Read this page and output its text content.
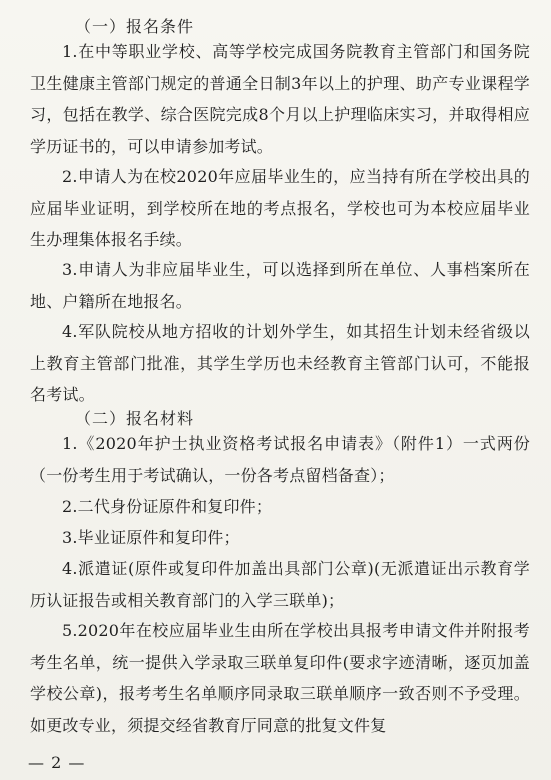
（一）报名条件
1.在中等职业学校、高等学校完成国务院教育主管部门和国务院卫生健康主管部门规定的普通全日制3年以上的护理、助产专业课程学习，包括在教学、综合医院完成8个月以上护理临床实习，并取得相应学历证书的，可以申请参加考试。
2.申请人为在校2020年应届毕业生的，应当持有所在学校出具的应届毕业证明，到学校所在地的考点报名，学校也可为本校应届毕业生办理集体报名手续。
3.申请人为非应届毕业生，可以选择到所在单位、人事档案所在地、户籍所在地报名。
4.军队院校从地方招收的计划外学生，如其招生计划未经省级以上教育主管部门批准，其学生学历也未经教育主管部门认可，不能报名考试。
（二）报名材料
1.《2020年护士执业资格考试报名申请表》（附件1）一式两份（一份考生用于考试确认，一份各考点留档备查）；
2.二代身份证原件和复印件；
3.毕业证原件和复印件；
4.派遣证(原件或复印件加盖出具部门公章)(无派遣证出示教育学历认证报告或相关教育部门的入学三联单)；
5.2020年在校应届毕业生由所在学校出具报考申请文件并附报考考生名单，统一提供入学录取三联单复印件(要求字迹清晰，逐页加盖学校公章)，报考考生名单顺序同录取三联单顺序一致否则不予受理。如更改专业，须提交经省教育厅同意的批复文件复
— 2 —
